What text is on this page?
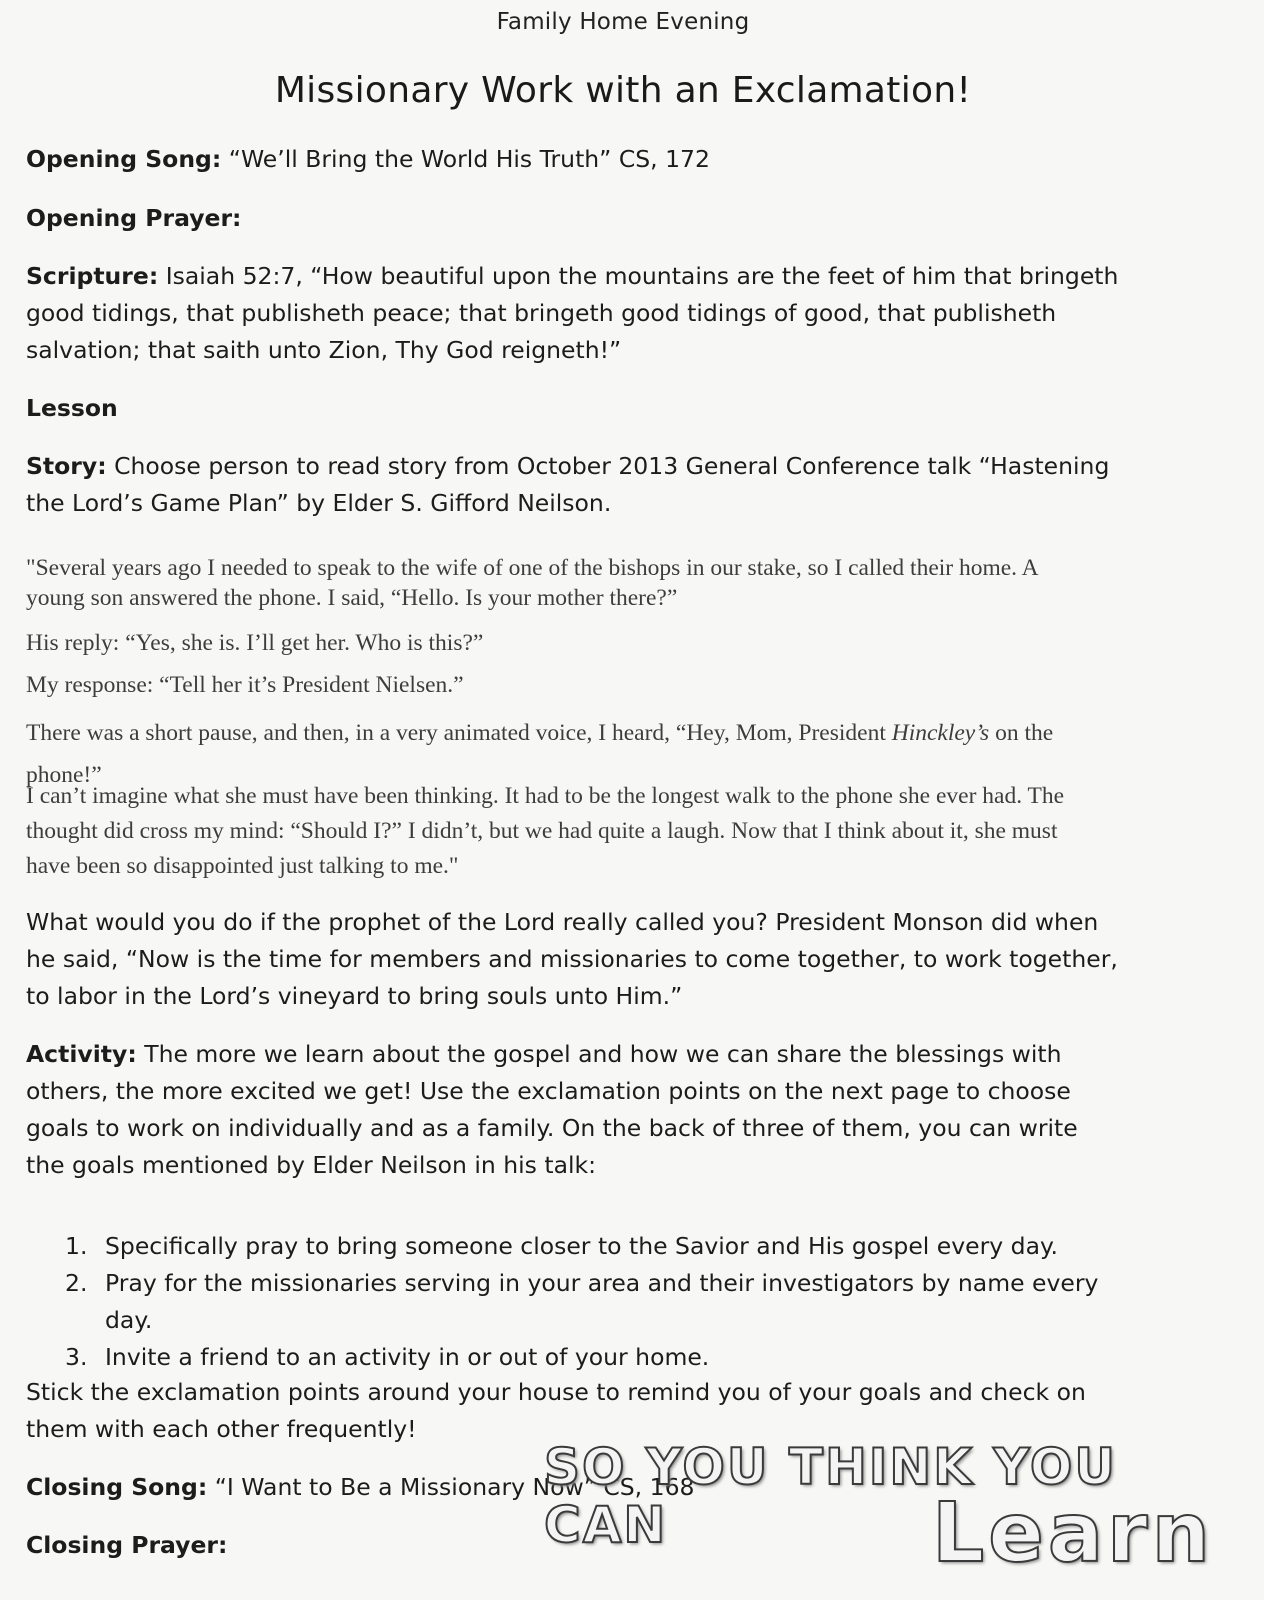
Family Home Evening
Missionary Work with an Exclamation!
Opening Song: “We’ll Bring the World His Truth” CS, 172
Opening Prayer:
Scripture: Isaiah 52:7, “How beautiful upon the mountains are the feet of him that bringeth
good tidings, that publisheth peace; that bringeth good tidings of good, that publisheth
salvation; that saith unto Zion, Thy God reigneth!”
Lesson
Story: Choose person to read story from October 2013 General Conference talk “Hastening
the Lord’s Game Plan” by Elder S. Gifford Neilson.
"Several years ago I needed to speak to the wife of one of the bishops in our stake, so I called their home. A
young son answered the phone. I said, “Hello. Is your mother there?”
His reply: “Yes, she is. I’ll get her. Who is this?”
My response: “Tell her it’s President Nielsen.”
There was a short pause, and then, in a very animated voice, I heard, “Hey, Mom, President Hinckley’s on the
phone!”
I can’t imagine what she must have been thinking. It had to be the longest walk to the phone she ever had. The
thought did cross my mind: “Should I?” I didn’t, but we had quite a laugh. Now that I think about it, she must
have been so disappointed just talking to me."
What would you do if the prophet of the Lord really called you? President Monson did when
he said, “Now is the time for members and missionaries to come together, to work together,
to labor in the Lord’s vineyard to bring souls unto Him.”
Activity: The more we learn about the gospel and how we can share the blessings with
others, the more excited we get! Use the exclamation points on the next page to choose
goals to work on individually and as a family. On the back of three of them, you can write
the goals mentioned by Elder Neilson in his talk:
1. Specifically pray to bring someone closer to the Savior and His gospel every day.
2. Pray for the missionaries serving in your area and their investigators by name every
day.
3. Invite a friend to an activity in or out of your home.
Stick the exclamation points around your house to remind you of your goals and check on
them with each other frequently!
Closing Song: “I Want to Be a Missionary Now” CS, 168
Closing Prayer:
SO YOU THINK YOU CAN	Learn
